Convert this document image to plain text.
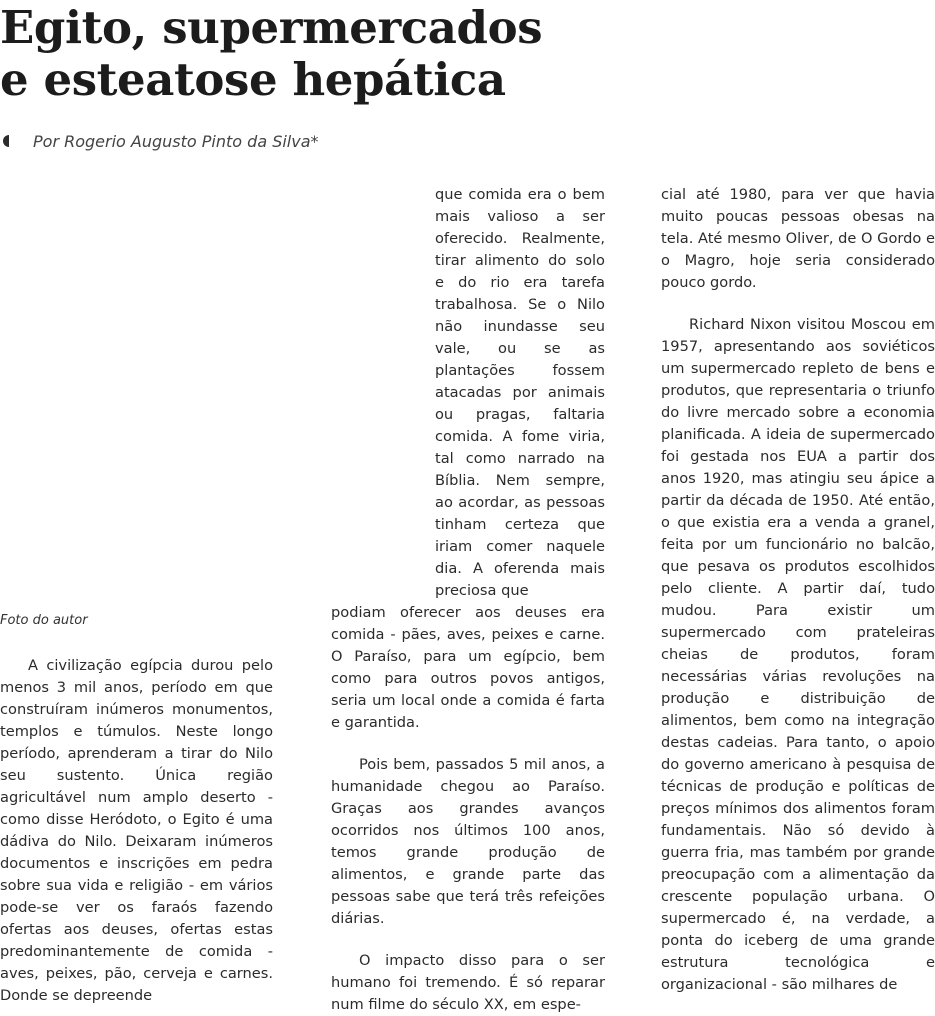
Egito, supermercados
e esteatose hepática
Por Rogerio Augusto Pinto da Silva*
Foto do autor

A civilização egípcia durou pelo menos 3 mil anos, período em que construíram inúmeros monumentos, templos e túmulos. Neste longo período, aprenderam a tirar do Nilo seu sustento. Única região agricultável num amplo deserto - como disse Heródoto, o Egito é uma dádiva do Nilo. Deixaram inúmeros documentos e inscrições em pedra sobre sua vida e religião - em vários pode-se ver os faraós fazendo ofertas aos deuses, ofertas estas predominantemente de comida - aves, peixes, pão, cerveja e carnes. Donde se depreende

que comida era o bem mais valioso a ser oferecido. Realmente, tirar alimento do solo e do rio era tarefa trabalhosa. Se o Nilo não inundasse seu vale, ou se as plantações fossem atacadas por animais ou pragas, faltaria comida. A fome viria, tal como narrado na Bíblia. Nem sempre, ao acordar, as pessoas tinham certeza que iriam comer naquele dia. A oferenda mais preciosa que

podiam oferecer aos deuses era comida - pães, aves, peixes e carne. O Paraíso, para um egípcio, bem como para outros povos antigos, seria um local onde a comida é farta e garantida.

Pois bem, passados 5 mil anos, a humanidade chegou ao Paraíso. Graças aos grandes avanços ocorridos nos últimos 100 anos, temos grande produção de alimentos, e grande parte das pessoas sabe que terá três refeições diárias.

O impacto disso para o ser humano foi tremendo. É só reparar num filme do século XX, em espe-

cial até 1980, para ver que havia muito poucas pessoas obesas na tela. Até mesmo Oliver, de O Gordo e o Magro, hoje seria considerado pouco gordo.

Richard Nixon visitou Moscou em 1957, apresentando aos soviéticos um supermercado repleto de bens e produtos, que representaria o triunfo do livre mercado sobre a economia planificada. A ideia de supermercado foi gestada nos EUA a partir dos anos 1920, mas atingiu seu ápice a partir da década de 1950. Até então, o que existia era a venda a granel, feita por um funcionário no balcão, que pesava os produtos escolhidos pelo cliente. A partir daí, tudo mudou. Para existir um supermercado com prateleiras cheias de produtos, foram necessárias várias revoluções na produção e distribuição de alimentos, bem como na integração destas cadeias. Para tanto, o apoio do governo americano à pesquisa de técnicas de produção e políticas de preços mínimos dos alimentos foram fundamentais. Não só devido à guerra fria, mas também por grande preocupação com a alimentação da crescente população urbana. O supermercado é, na verdade, a ponta do iceberg de uma grande estrutura tecnológica e organizacional - são milhares de
